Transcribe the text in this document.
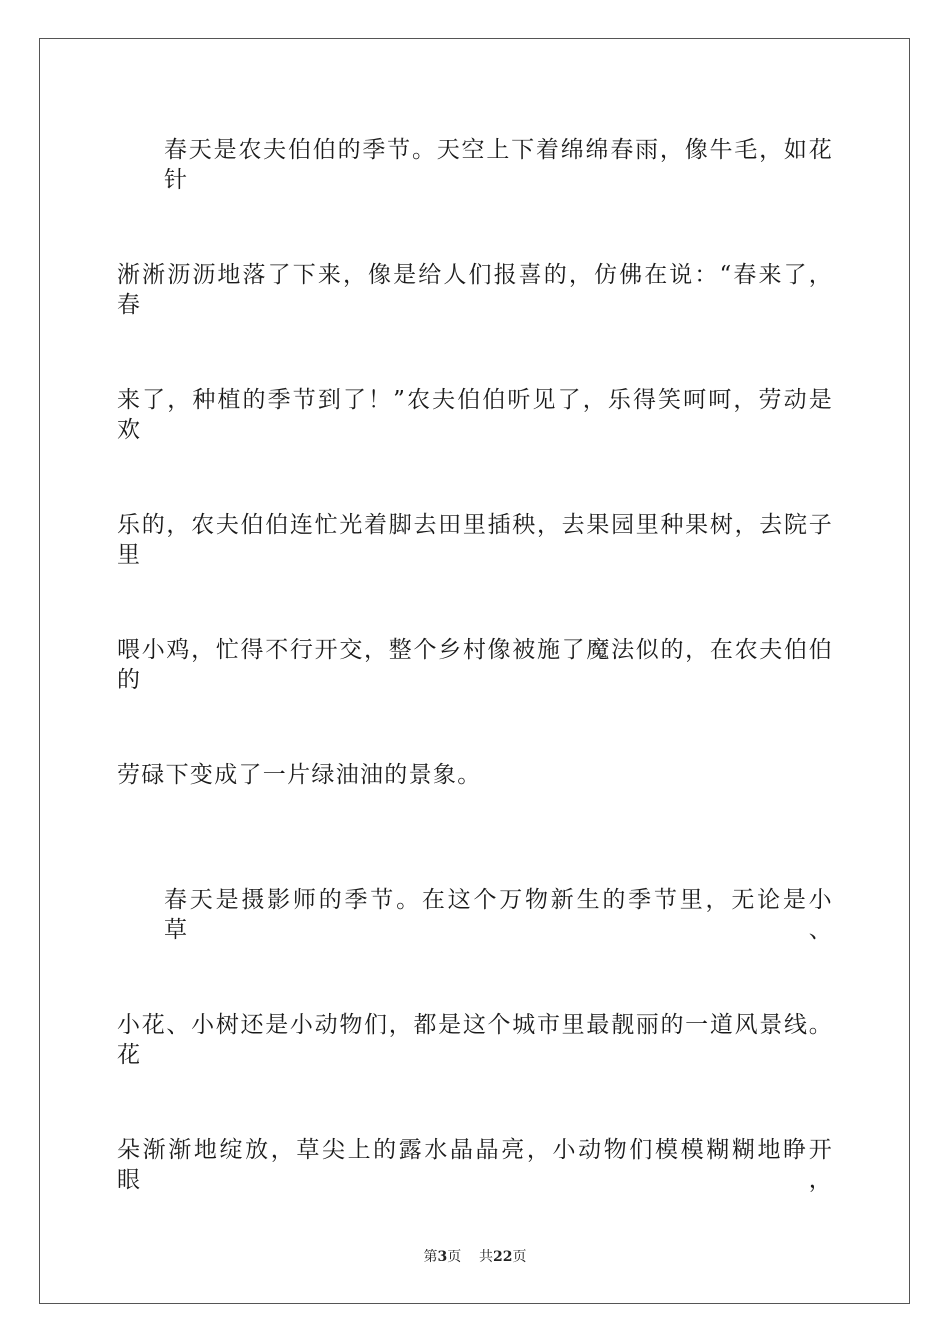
春天是农夫伯伯的季节。天空上下着绵绵春雨，像牛毛，如花针
淅淅沥沥地落了下来，像是给人们报喜的，仿佛在说：“春来了，春
来了，种植的季节到了！”农夫伯伯听见了，乐得笑呵呵，劳动是欢
乐的，农夫伯伯连忙光着脚去田里插秧，去果园里种果树，去院子里
喂小鸡，忙得不行开交，整个乡村像被施了魔法似的，在农夫伯伯的
劳碌下变成了一片绿油油的景象。
春天是摄影师的季节。在这个万物新生的季节里，无论是小草、
小花、小树还是小动物们，都是这个城市里最靓丽的一道风景线。花
朵渐渐地绽放，草尖上的露水晶晶亮，小动物们模模糊糊地睁开眼，
第3页 共22页
